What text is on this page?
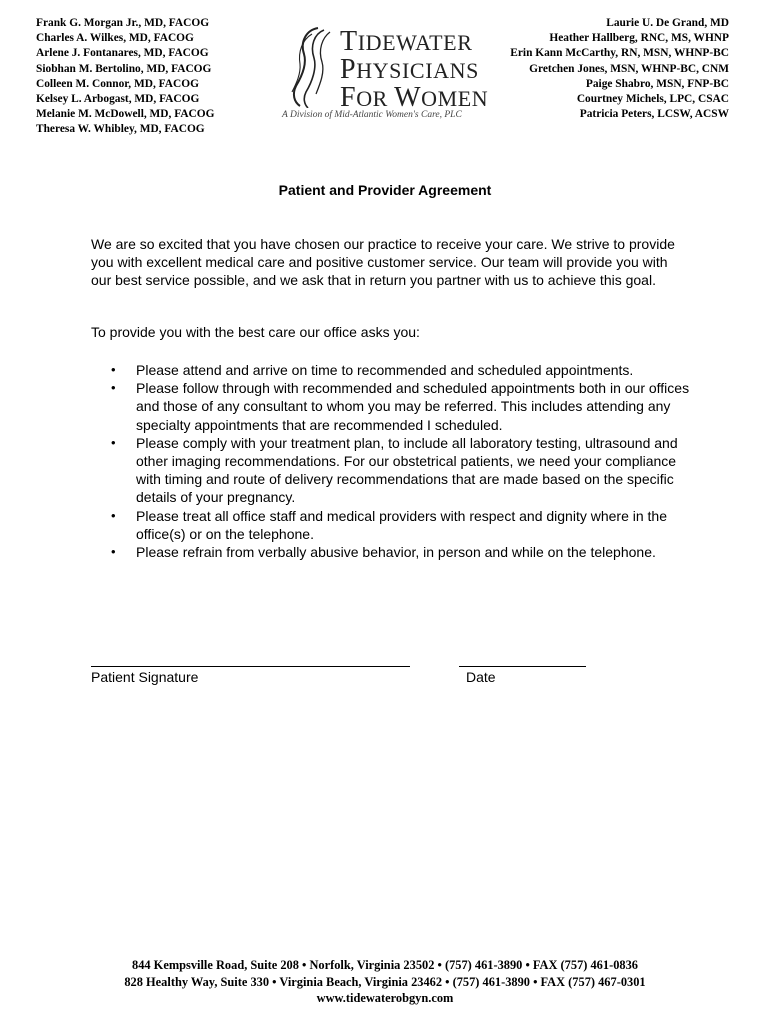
Frank G. Morgan Jr., MD, FACOG
Charles A. Wilkes, MD, FACOG
Arlene J. Fontanares, MD, FACOG
Siobhan M. Bertolino, MD, FACOG
Colleen M. Connor, MD, FACOG
Kelsey L. Arbogast, MD, FACOG
Melanie M. McDowell, MD, FACOG
Theresa W. Whibley, MD, FACOG
Laurie U. De Grand, MD
Heather Hallberg, RNC, MS, WHNP
Erin Kann McCarthy, RN, MSN, WHNP-BC
Gretchen Jones, MSN, WHNP-BC, CNM
Paige Shabro, MSN, FNP-BC
Courtney Michels, LPC, CSAC
Patricia Peters, LCSW, ACSW
TIDEWATER
PHYSICIANS
FOR WOMEN
A Division of Mid-Atlantic Women's Care, PLC
Patient and Provider Agreement
We are so excited that you have chosen our practice to receive your care. We strive to provide you with excellent medical care and positive customer service. Our team will provide you with our best service possible, and we ask that in return you partner with us to achieve this goal.
To provide you with the best care our office asks you:
• Please attend and arrive on time to recommended and scheduled appointments.
• Please follow through with recommended and scheduled appointments both in our offices and those of any consultant to whom you may be referred. This includes attending any specialty appointments that are recommended I scheduled.
• Please comply with your treatment plan, to include all laboratory testing, ultrasound and other imaging recommendations. For our obstetrical patients, we need your compliance with timing and route of delivery recommendations that are made based on the specific details of your pregnancy.
• Please treat all office staff and medical providers with respect and dignity where in the office(s) or on the telephone.
• Please refrain from verbally abusive behavior, in person and while on the telephone.
Patient Signature	Date
844 Kempsville Road, Suite 208 • Norfolk, Virginia 23502 • (757) 461-3890 • FAX (757) 461-0836
828 Healthy Way, Suite 330 • Virginia Beach, Virginia 23462 • (757) 461-3890 • FAX (757) 467-0301
www.tidewaterobgyn.com
